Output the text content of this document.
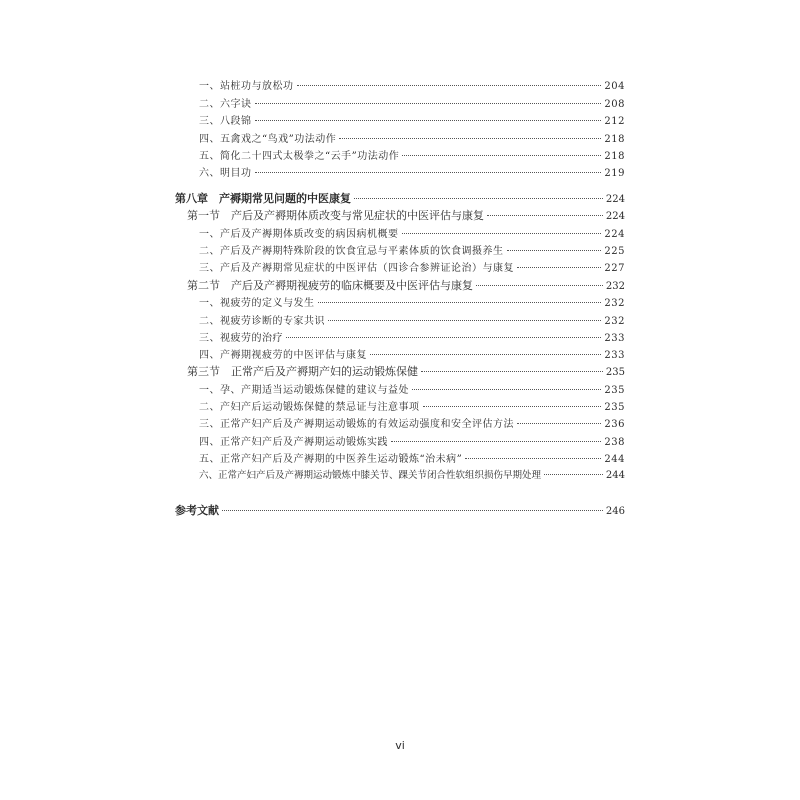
一、站桩功与放松功	204
二、六字诀	208
三、八段锦	212
四、五禽戏之“鸟戏”功法动作	218
五、简化二十四式太极拳之“云手”功法动作	218
六、明目功	219
第八章　产褥期常见问题的中医康复	224
第一节　产后及产褥期体质改变与常见症状的中医评估与康复	224
一、产后及产褥期体质改变的病因病机概要	224
二、产后及产褥期特殊阶段的饮食宜忌与平素体质的饮食调摄养生	225
三、产后及产褥期常见症状的中医评估（四诊合参辨证论治）与康复	227
第二节　产后及产褥期视疲劳的临床概要及中医评估与康复	232
一、视疲劳的定义与发生	232
二、视疲劳诊断的专家共识	232
三、视疲劳的治疗	233
四、产褥期视疲劳的中医评估与康复	233
第三节　正常产后及产褥期产妇的运动锻炼保健	235
一、孕、产期适当运动锻炼保健的建议与益处	235
二、产妇产后运动锻炼保健的禁忌证与注意事项	235
三、正常产妇产后及产褥期运动锻炼的有效运动强度和安全评估方法	236
四、正常产妇产后及产褥期运动锻炼实践	238
五、正常产妇产后及产褥期的中医养生运动锻炼“治未病”	244
六、正常产妇产后及产褥期运动锻炼中膝关节、踝关节闭合性软组织损伤早期处理	244
参考文献	246
vi
